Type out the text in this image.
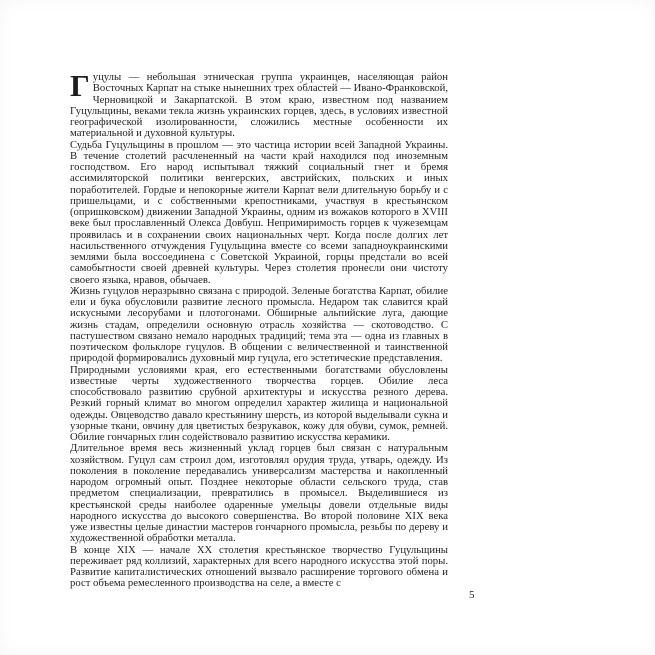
Гуцулы — небольшая этническая группа украинцев, населяющая район Восточных Карпат на стыке нынешних трех областей — Ивано-Франковской, Черновицкой и Закарпатской. В этом краю, известном под названием Гуцульщины, веками текла жизнь украинских горцев, здесь, в условиях известной географической изолированности, сложились местные особенности их материальной и духовной культуры.

Судьба Гуцульщины в прошлом — это частица истории всей Западной Украины. В течение столетий расчлененный на части край находился под иноземным господством. Его народ испытывал тяжкий социальный гнет и бремя ассимиляторской политики венгерских, австрийских, польских и иных поработителей. Гордые и непокорные жители Карпат вели длительную борьбу и с пришельцами, и с собственными крепостниками, участвуя в крестьянском (опришковском) движении Западной Украины, одним из вожаков которого в XVIII веке был прославленный Олекса Довбуш. Непримиримость горцев к чужеземцам проявилась и в сохранении своих национальных черт. Когда после долгих лет насильственного отчуждения Гуцульщина вместе со всеми западноукраинскими землями была воссоединена с Советской Украиной, горцы предстали во всей самобытности своей древней культуры. Через столетия пронесли они чистоту своего языка, нравов, обычаев.

Жизнь гуцулов неразрывно связана с природой. Зеленые богатства Карпат, обилие ели и бука обусловили развитие лесного промысла. Недаром так славится край искусными лесорубами и плотогонами. Обширные альпийские луга, дающие жизнь стадам, определили основную отрасль хозяйства — скотоводство. С пастушеством связано немало народных традиций; тема эта — одна из главных в поэтическом фольклоре гуцулов. В общении с величественной и таинственной природой формировались духовный мир гуцула, его эстетические представления.

Природными условиями края, его естественными богатствами обусловлены известные черты художественного творчества горцев. Обилие леса способствовало развитию срубной архитектуры и искусства резного дерева. Резкий горный климат во многом определил характер жилища и национальной одежды. Овцеводство давало крестьянину шерсть, из которой выделывали сукна и узорные ткани, овчину для цветистых безрукавок, кожу для обуви, сумок, ремней. Обилие гончарных глин содействовало развитию искусства керамики.

Длительное время весь жизненный уклад горцев был связан с натуральным хозяйством. Гуцул сам строил дом, изготовлял орудия труда, утварь, одежду. Из поколения в поколение передавались универсализм мастерства и накопленный народом огромный опыт. Позднее некоторые области сельского труда, став предметом специализации, превратились в промысел. Выделившиеся из крестьянской среды наиболее одаренные умельцы довели отдельные виды народного искусства до высокого совершенства. Во второй половине XIX века уже известны целые династии мастеров гончарного промысла, резьбы по дереву и художественной обработки металла.

В конце XIX — начале XX столетия крестьянское творчество Гуцульщины переживает ряд коллизий, характерных для всего народного искусства этой поры. Развитие капиталистических отношений вызвало расширение торгового обмена и рост объема ремесленного производства на селе, а вместе с

5
